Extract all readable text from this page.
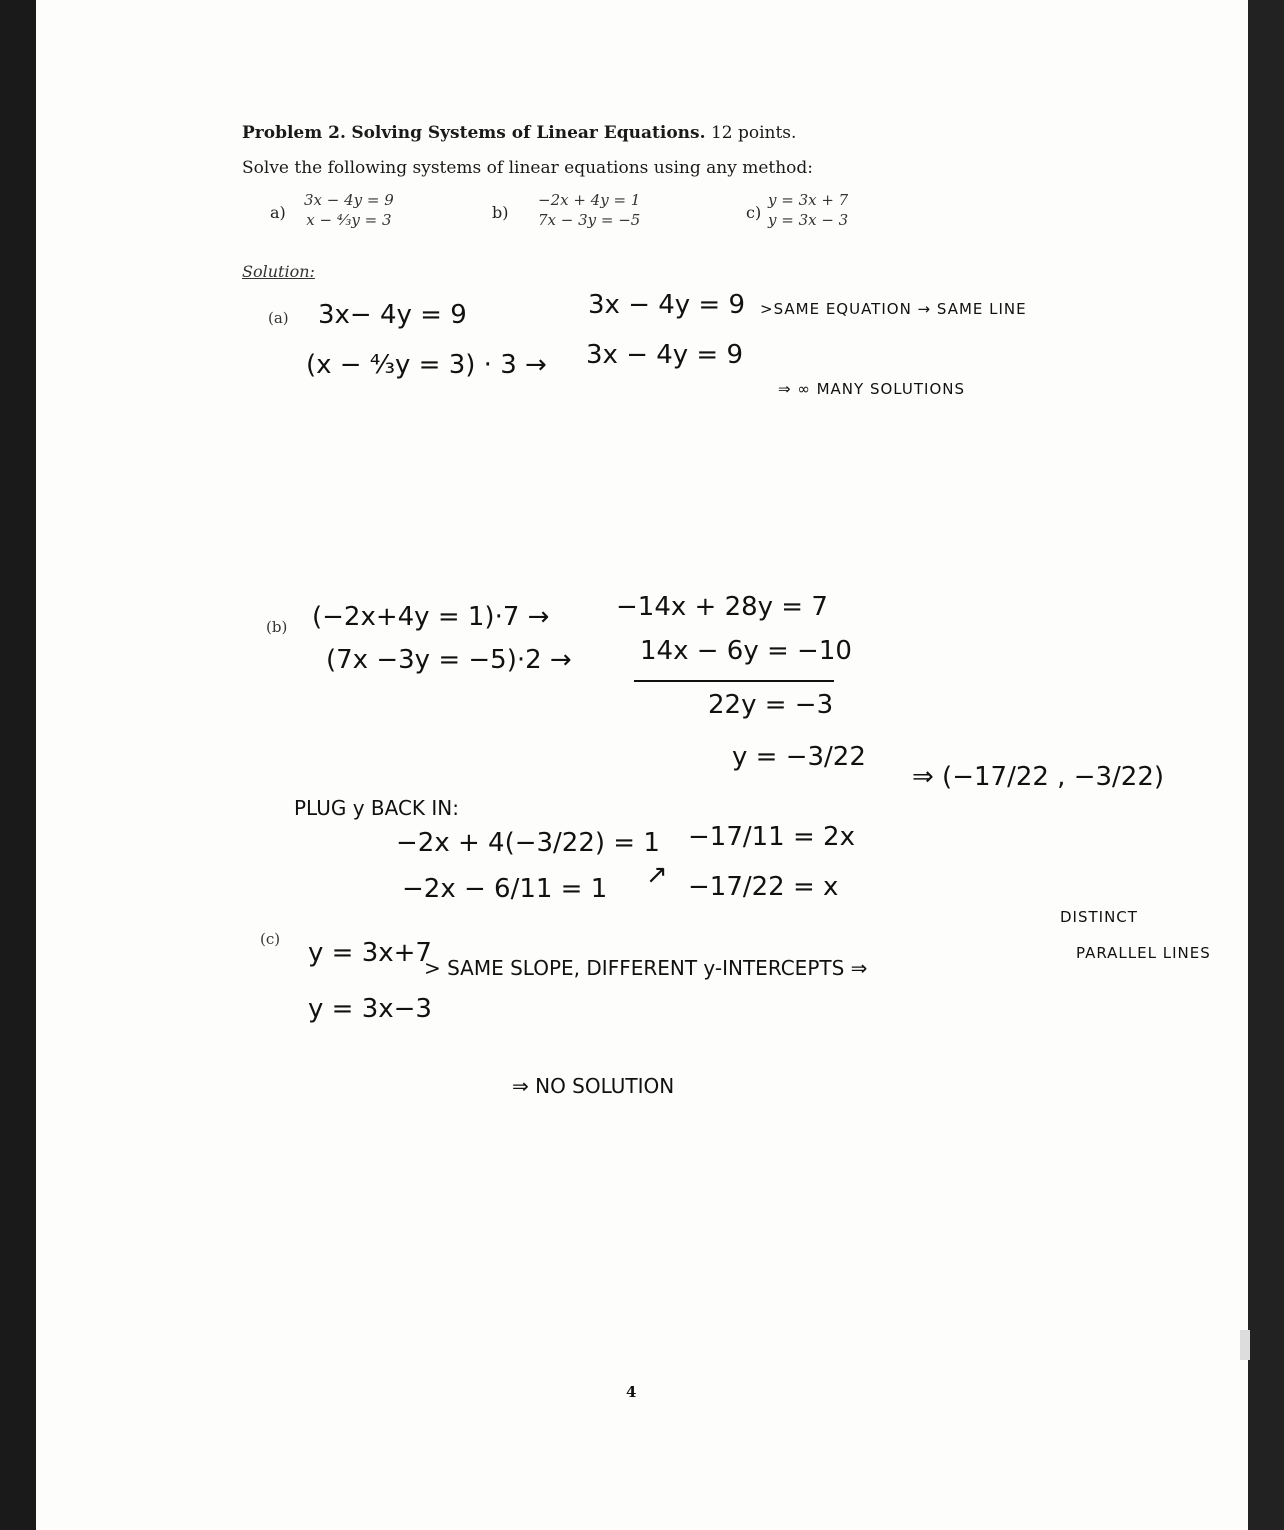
Problem 2. Solving Systems of Linear Equations. 12 points.
Solve the following systems of linear equations using any method:
a)
3x − 4y = 9
x − ⁴⁄₃y = 3	b)
−2x + 4y = 1
7x − 3y = −5	c)
y = 3x + 7
y = 3x − 3
Solution:
(a) 3x− 4y = 9
(x − ⁴⁄₃y = 3) · 3 →
3x − 4y = 9
3x − 4y = 9
>SAME EQUATION → SAME LINE
⇒ ∞ MANY SOLUTIONS
(b) (−2x+4y = 1)·7 →
(7x −3y = −5)·2 →
−14x + 28y = 7
14x − 6y = −10
22y = −3
y = −3/22
⇒ (−17/22 , −3/22)
PLUG y BACK IN:
−2x + 4(−3/22) = 1
−2x − 6/11 = 1 ↗
−17/11 = 2x
−17/22 = x
(c) y = 3x+7
y = 3x−3
> SAME SLOPE, DIFFERENT y-INTERCEPTS ⇒
DISTINCT
PARALLEL LINES
⇒ NO SOLUTION
4
